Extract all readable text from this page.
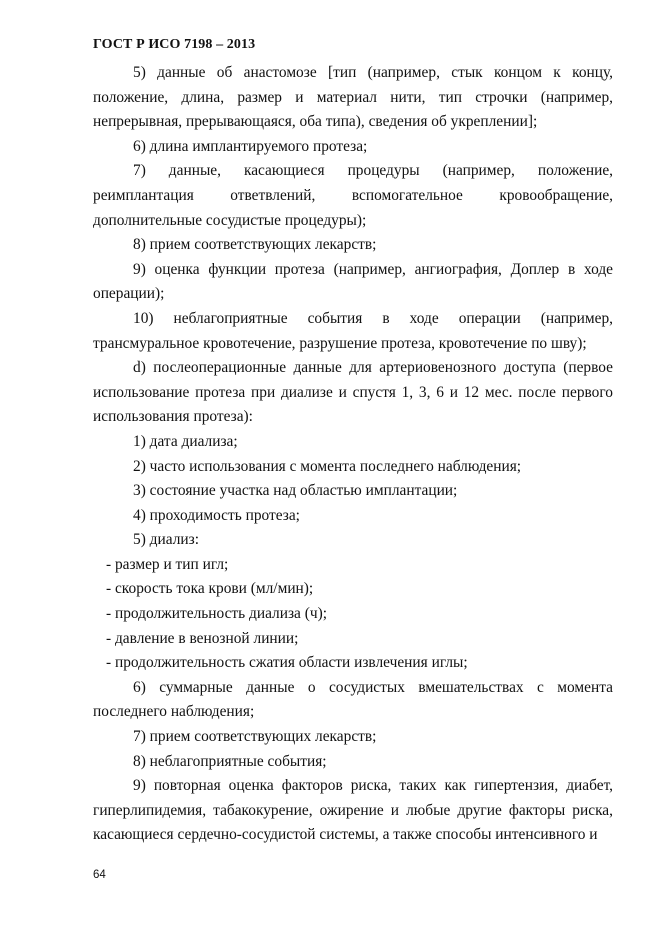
ГОСТ Р ИСО 7198 – 2013

5) данные об анастомозе [тип (например, стык концом к концу, положение, длина, размер и материал нити, тип строчки (например, непрерывная, прерывающаяся, оба типа), сведения об укреплении];

6) длина имплантируемого протеза;

7) данные, касающиеся процедуры (например, положение, реимплантация ответвлений, вспомогательное кровообращение, дополнительные сосудистые процедуры);

8) прием соответствующих лекарств;

9) оценка функции протеза (например, ангиография, Доплер в ходе операции);

10) неблагоприятные события в ходе операции (например, трансмуральное кровотечение, разрушение протеза, кровотечение по шву);

d) послеоперационные данные для артериовенозного доступа (первое использование протеза при диализе и спустя 1, 3, 6 и 12 мес. после первого использования протеза):

1) дата диализа;

2) часто использования с момента последнего наблюдения;

3) состояние участка над областью имплантации;

4) проходимость протеза;

5) диализ:

- размер и тип игл;

- скорость тока крови (мл/мин);

- продолжительность диализа (ч);

- давление в венозной линии;

- продолжительность сжатия области извлечения иглы;

6) суммарные данные о сосудистых вмешательствах с момента последнего наблюдения;

7) прием соответствующих лекарств;

8) неблагоприятные события;

9) повторная оценка факторов риска, таких как гипертензия, диабет, гиперлипидемия, табакокурение, ожирение и любые другие факторы риска, касающиеся сердечно-сосудистой системы, а также способы интенсивного и

64
